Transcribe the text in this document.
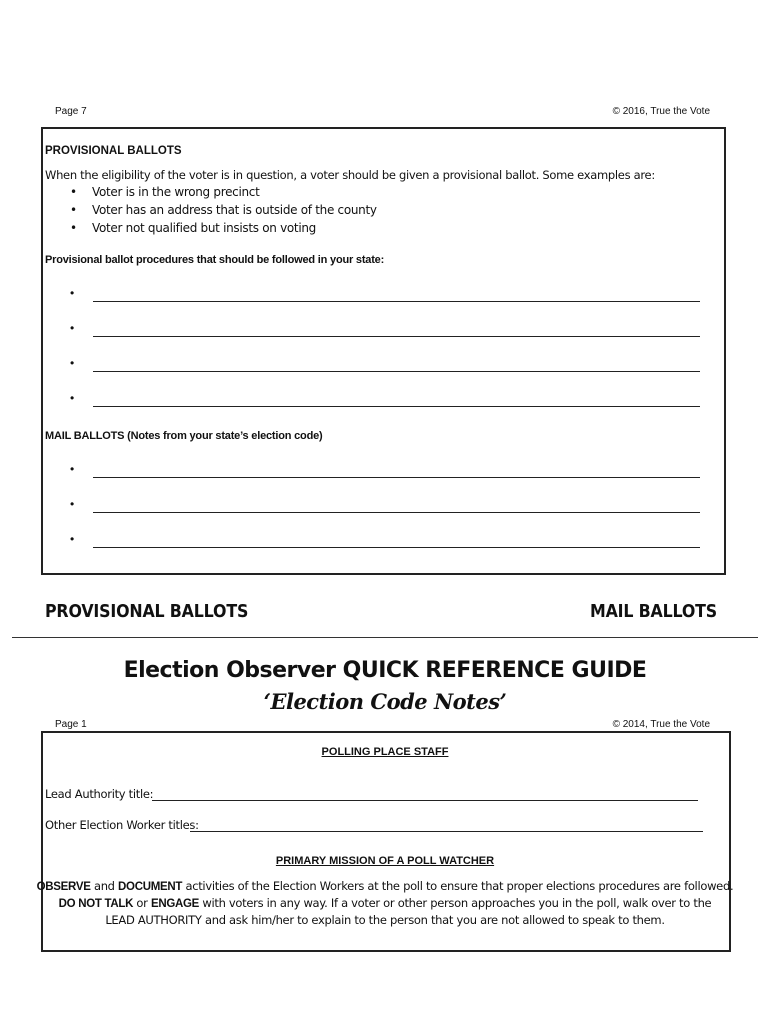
Page 7	© 2016, True the Vote
PROVISIONAL BALLOTS
When the eligibility of the voter is in question, a voter should be given a provisional ballot. Some examples are:
• Voter is in the wrong precinct
• Voter has an address that is outside of the county
• Voter not qualified but insists on voting
Provisional ballot procedures that should be followed in your state:
•
•
•
•
MAIL BALLOTS (Notes from your state’s election code)
•
•
•
PROVISIONAL BALLOTS	MAIL BALLOTS
Election Observer QUICK REFERENCE GUIDE
‘Election Code Notes’
Page 1	© 2014, True the Vote
POLLING PLACE STAFF
Lead Authority title:
Other Election Worker titles:
PRIMARY MISSION OF A POLL WATCHER
OBSERVE and DOCUMENT activities of the Election Workers at the poll to ensure that proper elections procedures are followed.
DO NOT TALK or ENGAGE with voters in any way. If a voter or other person approaches you in the poll, walk over to the
LEAD AUTHORITY and ask him/her to explain to the person that you are not allowed to speak to them.
